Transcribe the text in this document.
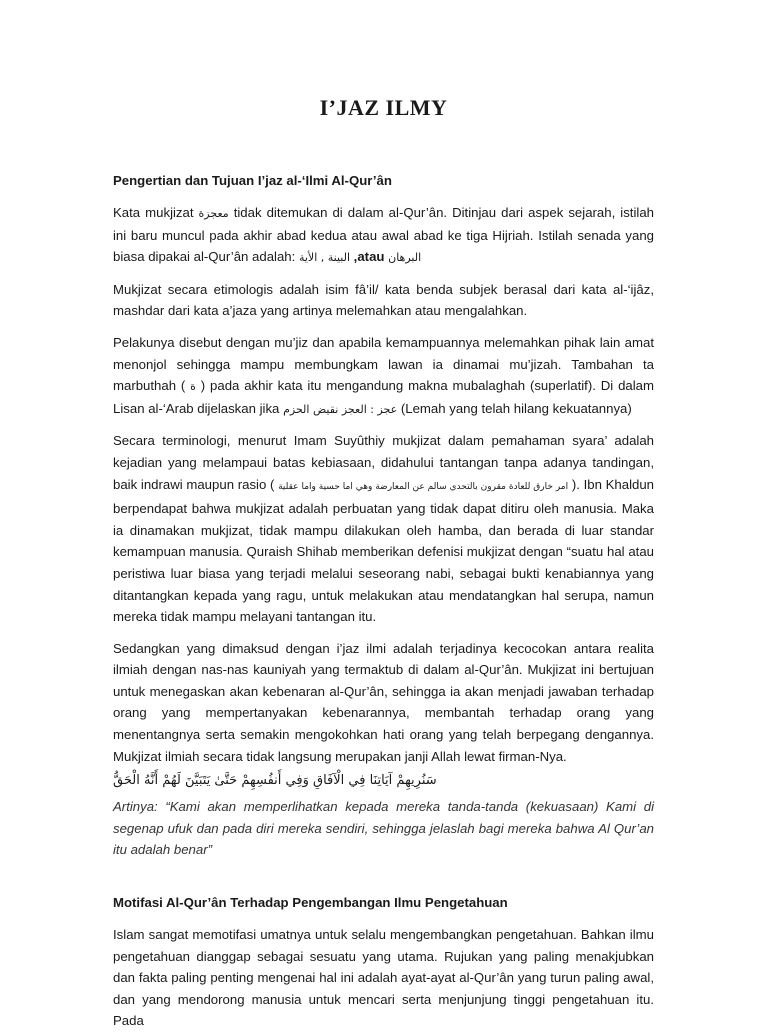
I’JAZ ILMY

Pengertian dan Tujuan I’jaz al-‘Ilmi Al-Qur’ân

Kata mukjizat معجزة tidak ditemukan di dalam al-Qur’ân. Ditinjau dari aspek sejarah, istilah ini baru muncul pada akhir abad kedua atau awal abad ke tiga Hijriah. Istilah senada yang biasa dipakai al-Qur’ân adalah: البينة , الأية ,atau البرهان

Mukjizat secara etimologis adalah isim fâ’il/ kata benda subjek berasal dari kata al-‘ijâz, mashdar dari kata a’jaza yang artinya melemahkan atau mengalahkan.

Pelakunya disebut dengan mu’jiz dan apabila kemampuannya melemahkan pihak lain amat menonjol sehingga mampu membungkam lawan ia dinamai mu’jizah. Tambahan ta marbuthah ( ة ) pada akhir kata itu mengandung makna mubalaghah (superlatif). Di dalam Lisan al-‘Arab dijelaskan jika عجز : العجز نقيض الحزم (Lemah yang telah hilang kekuatannya)

Secara terminologi, menurut Imam Suyûthiy mukjizat dalam pemahaman syara’ adalah kejadian yang melampaui batas kebiasaan, didahului tantangan tanpa adanya tandingan, baik indrawi maupun rasio ( امر خارق للعادة مقرون بالتحدي سالم عن المعارضة وهي اما حسية واما عقلية ). Ibn Khaldun berpendapat bahwa mukjizat adalah perbuatan yang tidak dapat ditiru oleh manusia. Maka ia dinamakan mukjizat, tidak mampu dilakukan oleh hamba, dan berada di luar standar kemampuan manusia. Quraish Shihab memberikan defenisi mukjizat dengan “suatu hal atau peristiwa luar biasa yang terjadi melalui seseorang nabi, sebagai bukti kenabiannya yang ditantangkan kepada yang ragu, untuk melakukan atau mendatangkan hal serupa, namun mereka tidak mampu melayani tantangan itu.

Sedangkan yang dimaksud dengan i’jaz ilmi adalah terjadinya kecocokan antara realita ilmiah dengan nas-nas kauniyah yang termaktub di dalam al-Qur’ân. Mukjizat ini bertujuan untuk menegaskan akan kebenaran al-Qur’ân, sehingga ia akan menjadi jawaban terhadap orang yang mempertanyakan kebenarannya, membantah terhadap orang yang menentangnya serta semakin mengokohkan hati orang yang telah berpegang dengannya. Mukjizat ilmiah secara tidak langsung merupakan janji Allah lewat firman-Nya.

سَنُرِيهِمْ آيَاتِنَا فِي الْآفَاقِ وَفِي أَنفُسِهِمْ حَتَّىٰ يَتَبَيَّنَ لَهُمْ أَنَّهُ الْحَقُّ

Artinya: “Kami akan memperlihatkan kepada mereka tanda-tanda (kekuasaan) Kami di segenap ufuk dan pada diri mereka sendiri, sehingga jelaslah bagi mereka bahwa Al Qur’an itu adalah benar”

Motifasi Al-Qur’ân Terhadap Pengembangan Ilmu Pengetahuan

Islam sangat memotifasi umatnya untuk selalu mengembangkan pengetahuan. Bahkan ilmu pengetahuan dianggap sebagai sesuatu yang utama. Rujukan yang paling menakjubkan dan fakta paling penting mengenai hal ini adalah ayat-ayat al-Qur’ân yang turun paling awal, dan yang mendorong manusia untuk mencari serta menjunjung tinggi pengetahuan itu. Pada
